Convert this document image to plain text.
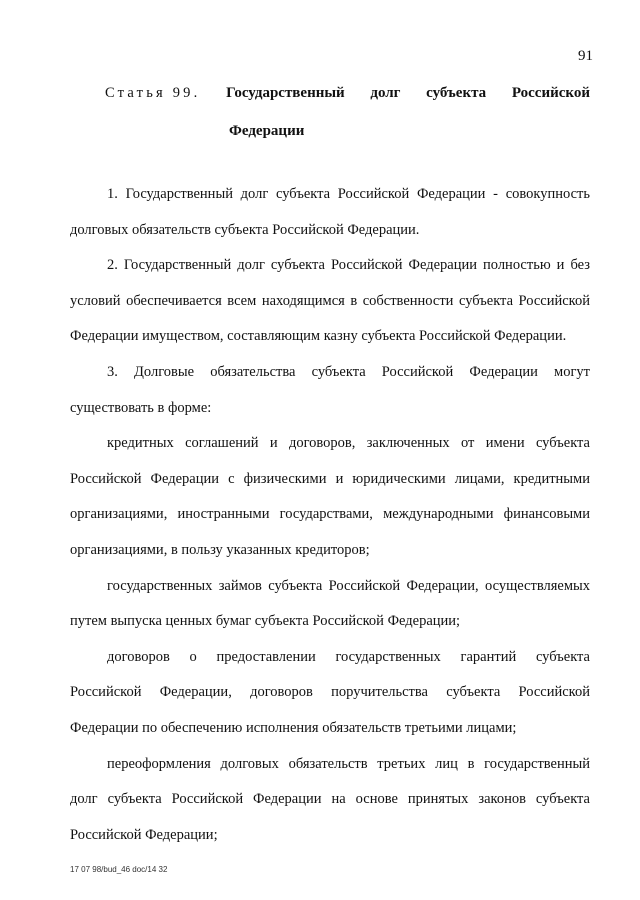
91
Статья 99. Государственный долг субъекта Российской
Федерации

1. Государственный долг субъекта Российской Федерации - совокупность
долговых обязательств субъекта Российской Федерации.

2. Государственный долг субъекта Российской Федерации полностью и без
условий обеспечивается всем находящимся в собственности субъекта Российской
Федерации имуществом, составляющим казну субъекта Российской Федерации.

3. Долговые обязательства субъекта Российской Федерации могут
существовать в форме:

кредитных соглашений и договоров, заключенных от имени субъекта
Российской Федерации с физическими и юридическими лицами, кредитными
организациями, иностранными государствами, международными финансовыми
организациями, в пользу указанных кредиторов;

государственных займов субъекта Российской Федерации, осуществляемых
путем выпуска ценных бумаг субъекта Российской Федерации;

договоров о предоставлении государственных гарантий субъекта
Российской Федерации, договоров поручительства субъекта Российской
Федерации по обеспечению исполнения обязательств третьими лицами;

переоформления долговых обязательств третьих лиц в государственный
долг субъекта Российской Федерации на основе принятых законов субъекта
Российской Федерации;

17 07 98/bud_46 doc/14 32
